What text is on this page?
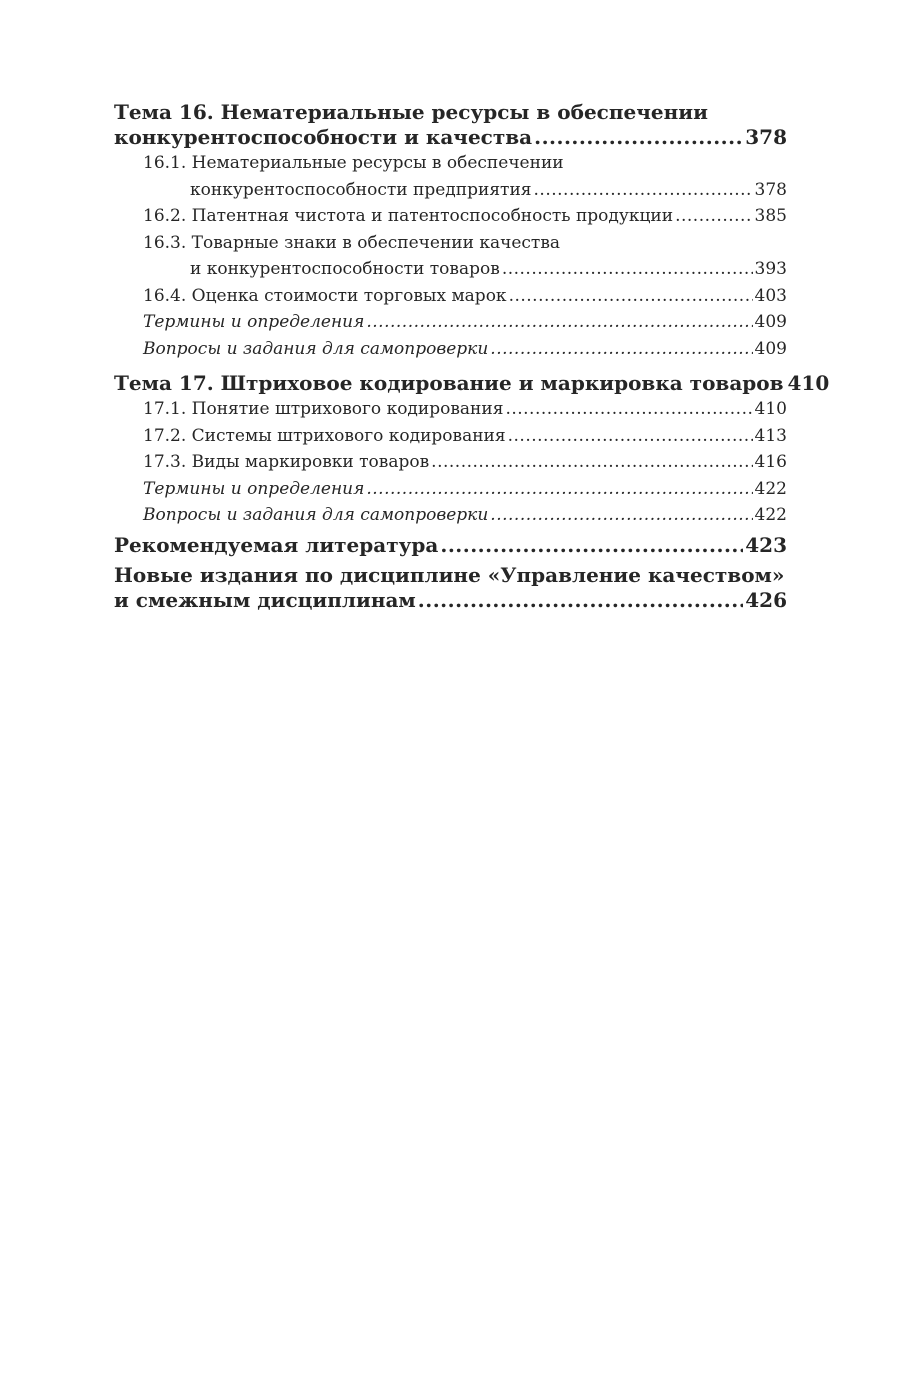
Тема 16. Нематериальные ресурсы в обеспечении
конкурентоспособности и качества .....	378
16.1. Нематериальные ресурсы в обеспечении
конкурентоспособности предприятия .....	378
16.2. Патентная чистота и патентоспособность продукции .....	385
16.3. Товарные знаки в обеспечении качества
и конкурентоспособности товаров .....	393
16.4. Оценка стоимости торговых марок .....	403
Термины и определения .....	409
Вопросы и задания для самопроверки .....	409
Тема 17. Штриховое кодирование и маркировка товаров 410
17.1. Понятие штрихового кодирования .....	410
17.2. Системы штрихового кодирования .....	413
17.3. Виды маркировки товаров .....	416
Термины и определения .....	422
Вопросы и задания для самопроверки .....	422
Рекомендуемая литература .....	423
Новые издания по дисциплине «Управление качеством»
и смежным дисциплинам .....	426
